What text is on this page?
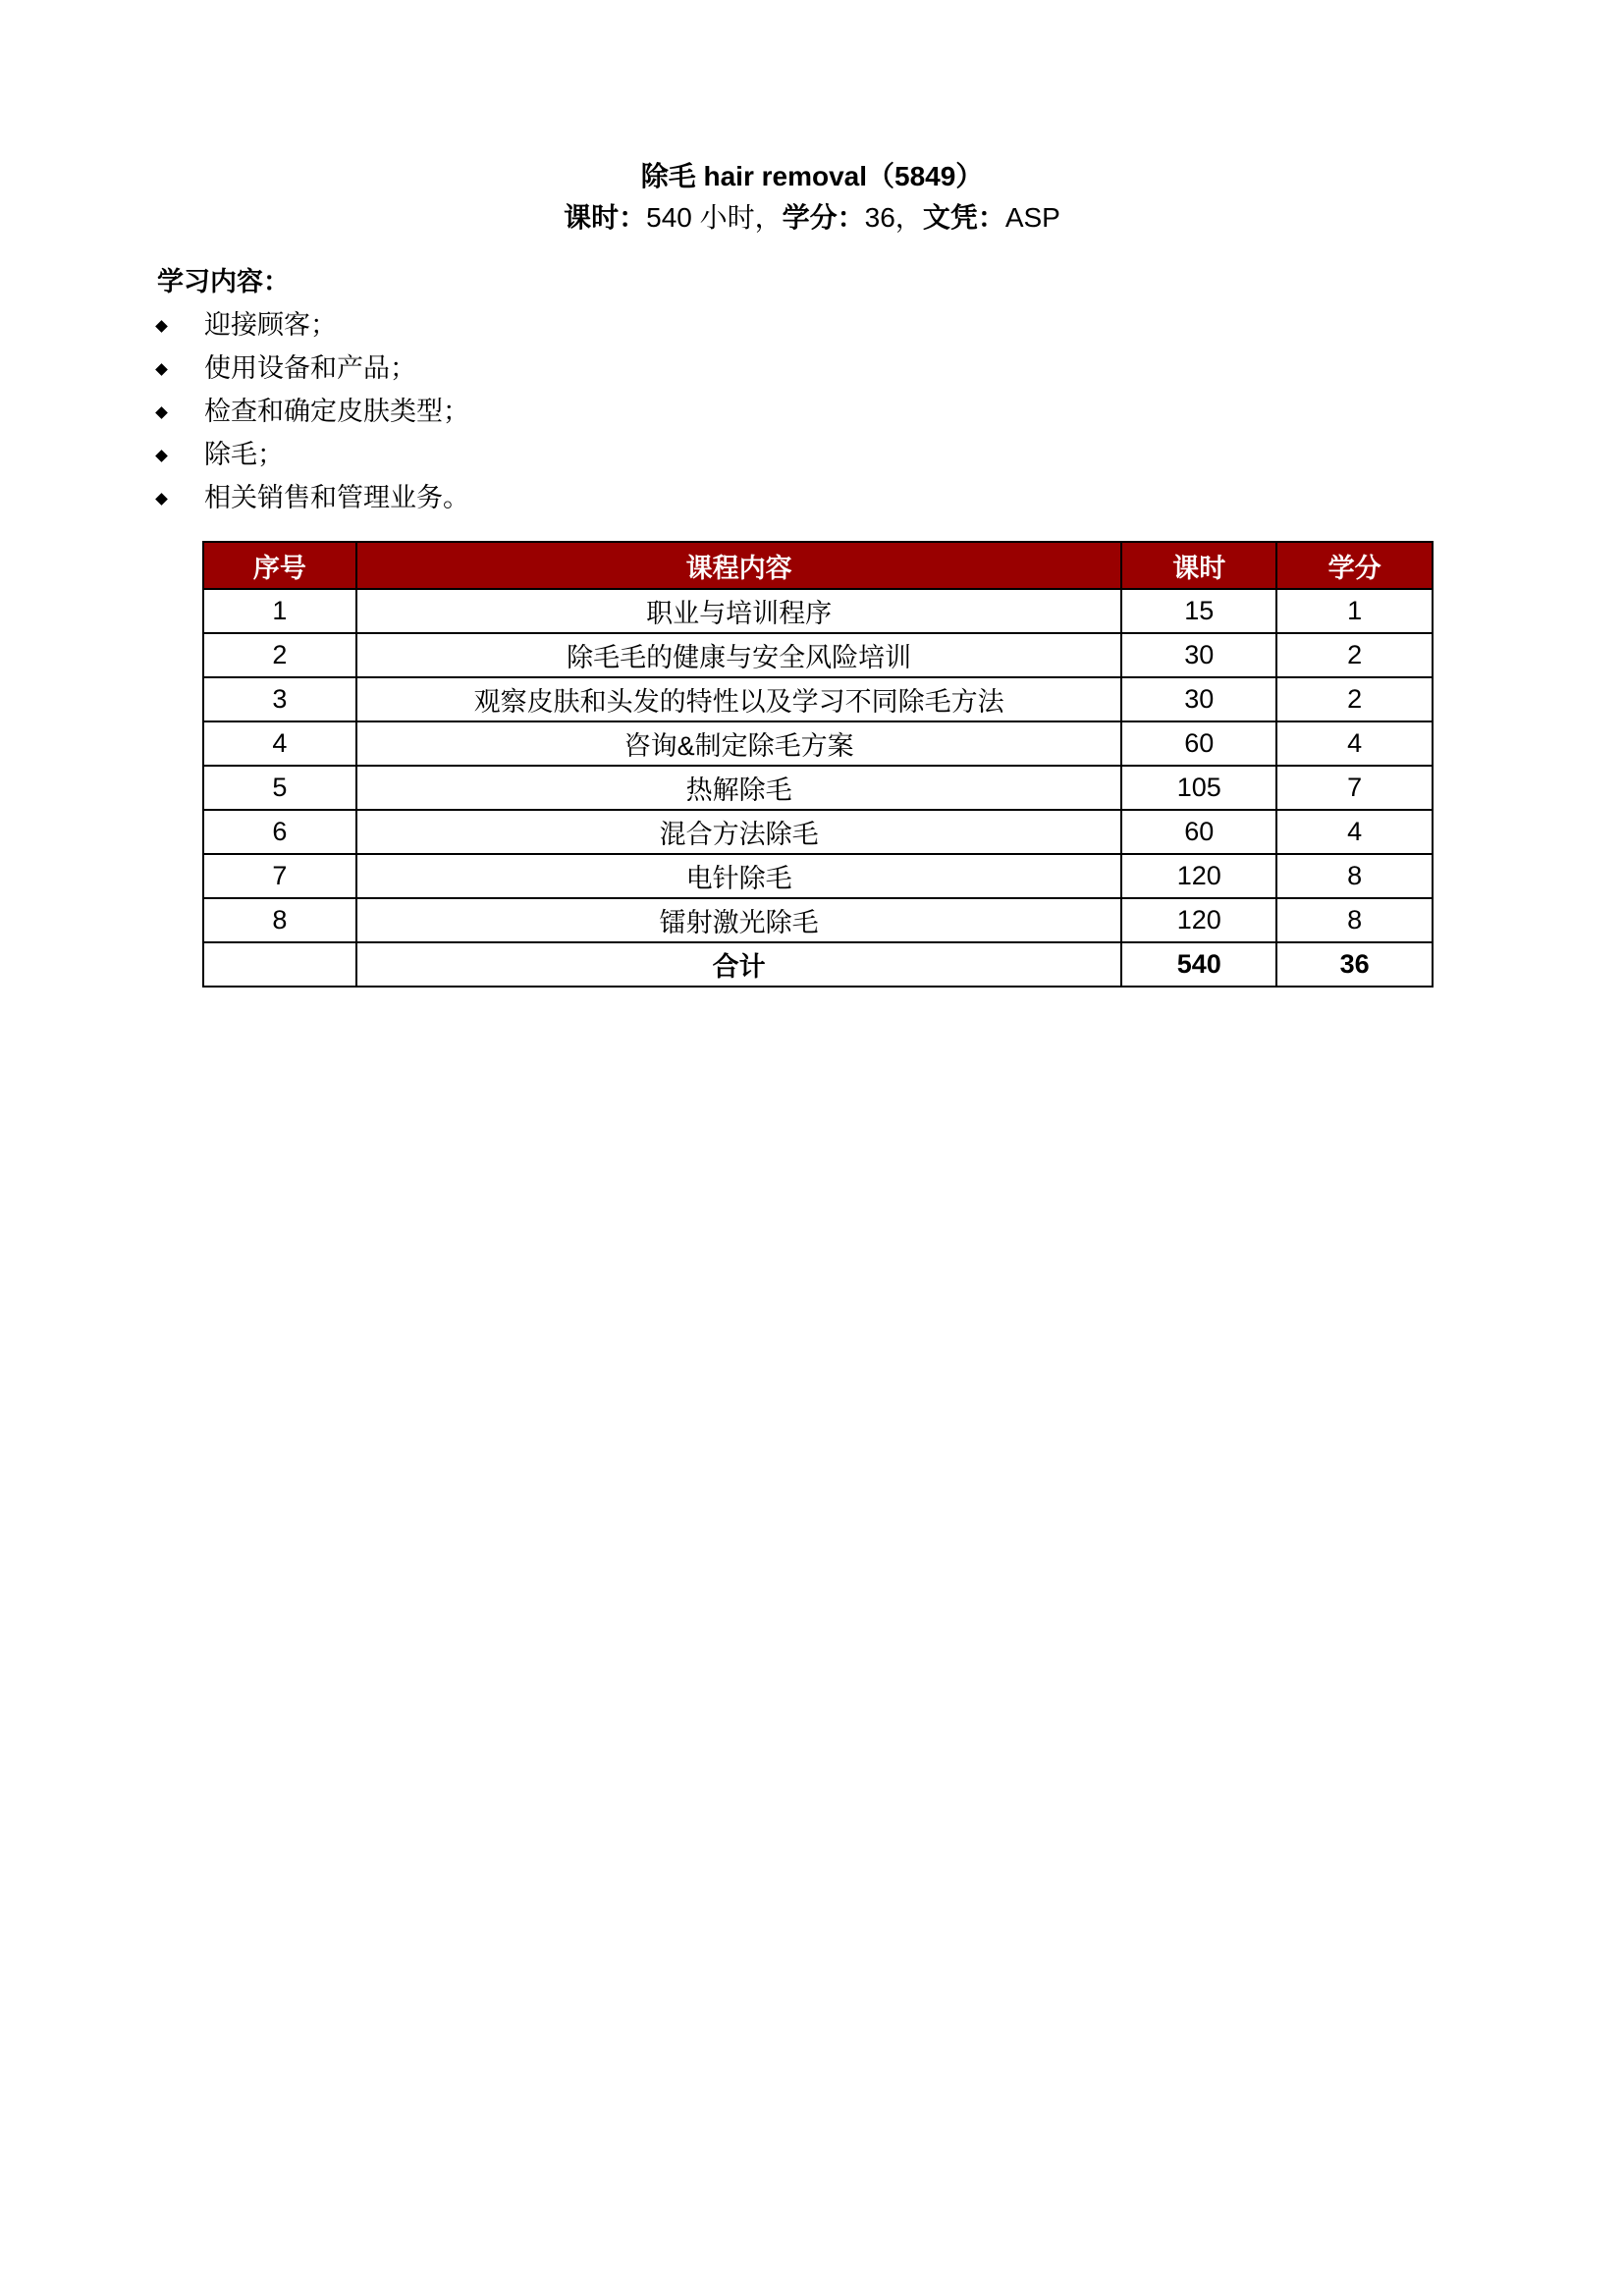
除毛 hair removal（5849）
课时：540 小时，学分：36，文凭：ASP
学习内容：
迎接顾客；
使用设备和产品；
检查和确定皮肤类型；
除毛；
相关销售和管理业务。
序号	课程内容	课时	学分
1	职业与培训程序	15	1
2	除毛毛的健康与安全风险培训	30	2
3	观察皮肤和头发的特性以及学习不同除毛方法	30	2
4	咨询&制定除毛方案	60	4
5	热解除毛	105	7
6	混合方法除毛	60	4
7	电针除毛	120	8
8	镭射激光除毛	120	8
	合计	540	36
